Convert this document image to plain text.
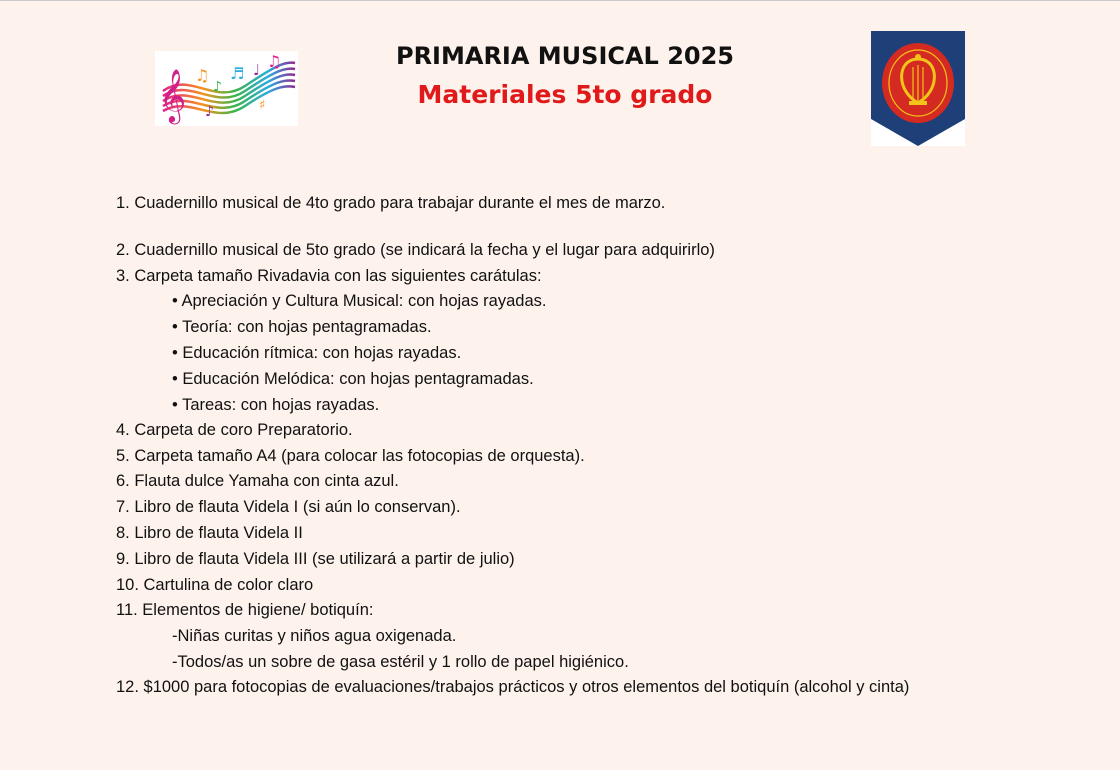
𝄞 ♫
♪
♬ ♩ ♫
♪	♯
PRIMARIA MUSICAL 2025
Materiales 5to grado
1. Cuadernillo musical de 4to grado para trabajar durante el mes de marzo.
2. Cuadernillo musical de 5to grado (se indicará la fecha y el lugar para adquirirlo)
3. Carpeta tamaño Rivadavia con las siguientes carátulas:
• Apreciación y Cultura Musical: con hojas rayadas.
• Teoría: con hojas pentagramadas.
• Educación rítmica: con hojas rayadas.
• Educación Melódica: con hojas pentagramadas.
• Tareas: con hojas rayadas.
4. Carpeta de coro Preparatorio.
5. Carpeta tamaño A4 (para colocar las fotocopias de orquesta).
6. Flauta dulce Yamaha con cinta azul.
7. Libro de flauta Videla I (si aún lo conservan).
8. Libro de flauta Videla II
9. Libro de flauta Videla III (se utilizará a partir de julio)
10. Cartulina de color claro
11. Elementos de higiene/ botiquín:
-Niñas curitas y niños agua oxigenada.
-Todos/as un sobre de gasa estéril y 1 rollo de papel higiénico.
12. $1000 para fotocopias de evaluaciones/trabajos prácticos y otros elementos del botiquín (alcohol y cinta)
